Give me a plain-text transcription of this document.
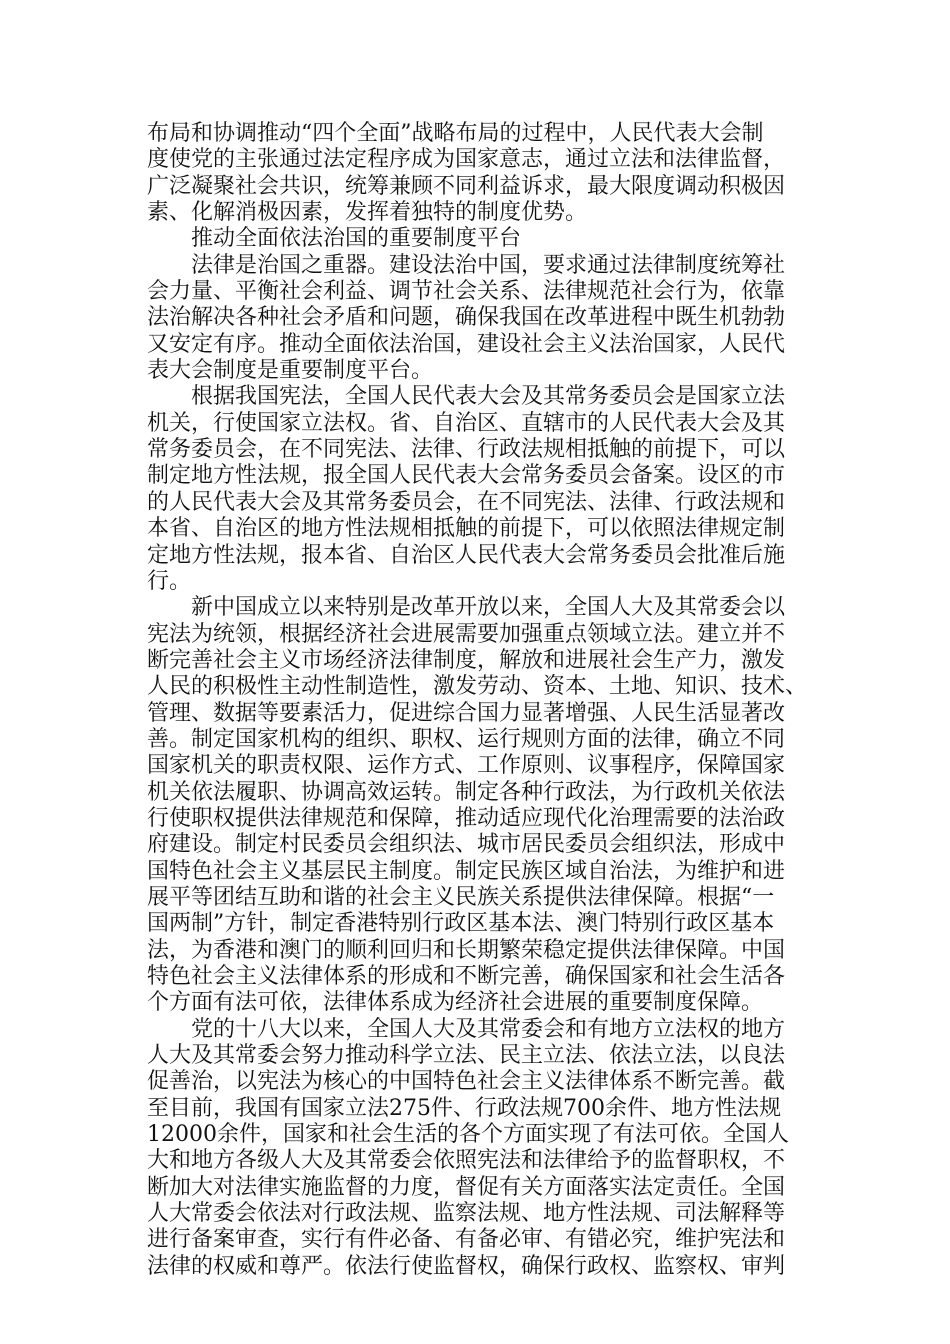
布局和协调推动“四个全面”战略布局的过程中，人民代表大会制
度使党的主张通过法定程序成为国家意志，通过立法和法律监督，
广泛凝聚社会共识，统筹兼顾不同利益诉求，最大限度调动积极因
素、化解消极因素，发挥着独特的制度优势。
推动全面依法治国的重要制度平台
法律是治国之重器。建设法治中国，要求通过法律制度统筹社
会力量、平衡社会利益、调节社会关系、法律规范社会行为，依靠
法治解决各种社会矛盾和问题，确保我国在改革进程中既生机勃勃
又安定有序。推动全面依法治国，建设社会主义法治国家，人民代
表大会制度是重要制度平台。
根据我国宪法，全国人民代表大会及其常务委员会是国家立法
机关，行使国家立法权。省、自治区、直辖市的人民代表大会及其
常务委员会，在不同宪法、法律、行政法规相抵触的前提下，可以
制定地方性法规，报全国人民代表大会常务委员会备案。设区的市
的人民代表大会及其常务委员会，在不同宪法、法律、行政法规和
本省、自治区的地方性法规相抵触的前提下，可以依照法律规定制
定地方性法规，报本省、自治区人民代表大会常务委员会批准后施
行。
新中国成立以来特别是改革开放以来，全国人大及其常委会以
宪法为统领，根据经济社会进展需要加强重点领域立法。建立并不
断完善社会主义市场经济法律制度，解放和进展社会生产力，激发
人民的积极性主动性制造性，激发劳动、资本、土地、知识、技术、
管理、数据等要素活力，促进综合国力显著增强、人民生活显著改
善。制定国家机构的组织、职权、运行规则方面的法律，确立不同
国家机关的职责权限、运作方式、工作原则、议事程序，保障国家
机关依法履职、协调高效运转。制定各种行政法，为行政机关依法
行使职权提供法律规范和保障，推动适应现代化治理需要的法治政
府建设。制定村民委员会组织法、城市居民委员会组织法，形成中
国特色社会主义基层民主制度。制定民族区域自治法，为维护和进
展平等团结互助和谐的社会主义民族关系提供法律保障。根据“一
国两制”方针，制定香港特别行政区基本法、澳门特别行政区基本
法，为香港和澳门的顺利回归和长期繁荣稳定提供法律保障。中国
特色社会主义法律体系的形成和不断完善，确保国家和社会生活各
个方面有法可依，法律体系成为经济社会进展的重要制度保障。
党的十八大以来，全国人大及其常委会和有地方立法权的地方
人大及其常委会努力推动科学立法、民主立法、依法立法，以良法
促善治，以宪法为核心的中国特色社会主义法律体系不断完善。截
至目前，我国有国家立法275件、行政法规700余件、地方性法规
12000余件，国家和社会生活的各个方面实现了有法可依。全国人
大和地方各级人大及其常委会依照宪法和法律给予的监督职权，不
断加大对法律实施监督的力度，督促有关方面落实法定责任。全国
人大常委会依法对行政法规、监察法规、地方性法规、司法解释等
进行备案审查，实行有件必备、有备必审、有错必究，维护宪法和
法律的权威和尊严。依法行使监督权，确保行政权、监察权、审判
